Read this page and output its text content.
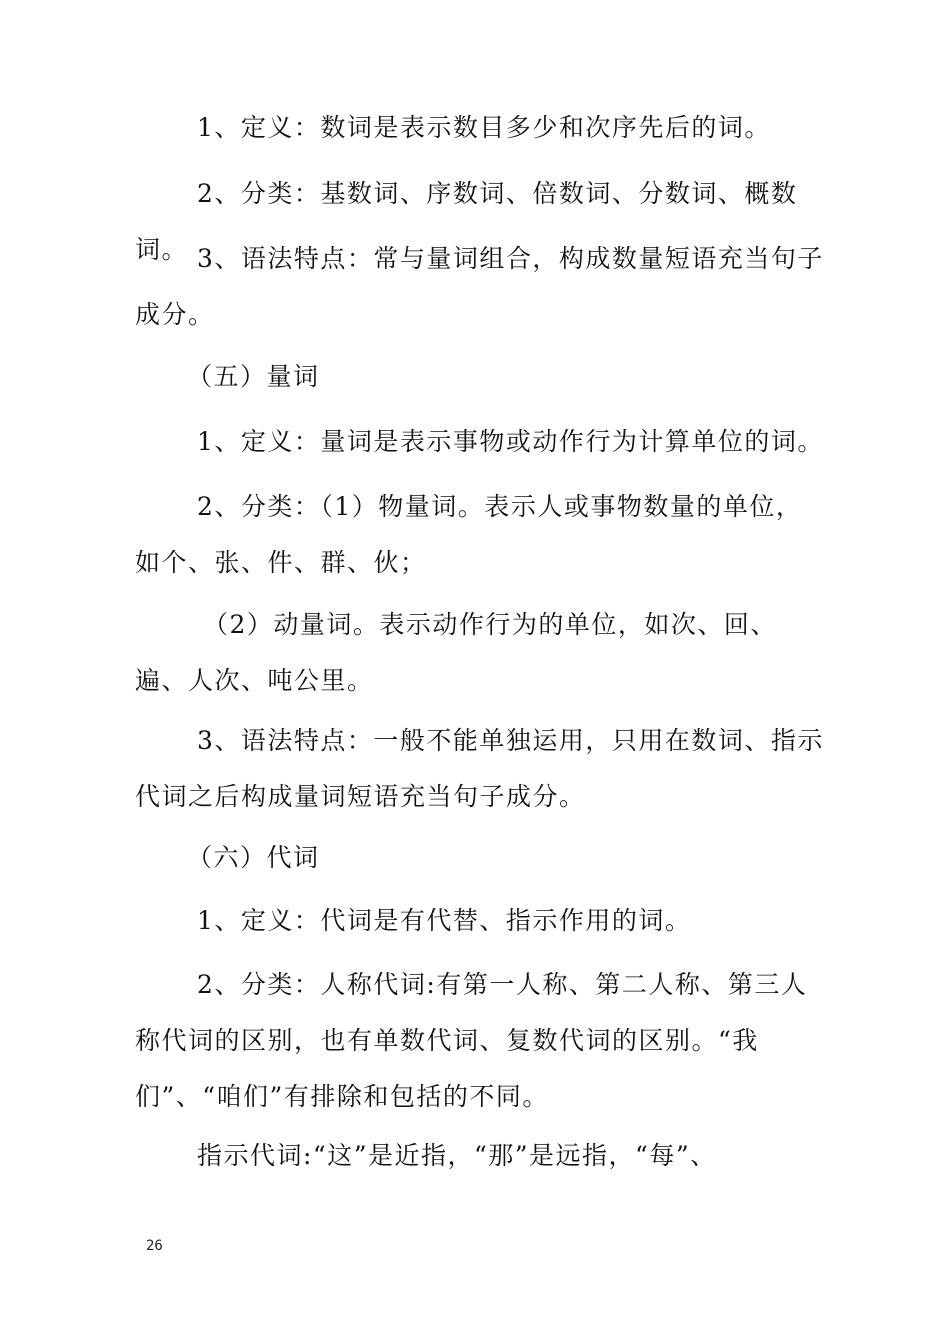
1、定义：数词是表示数目多少和次序先后的词。

2、分类：基数词、序数词、倍数词、分数词、概数词。 3、语法特点：常与量词组合，构成数量短语充当句子成分。

（五）量词

1、定义：量词是表示事物或动作行为计算单位的词。

2、分类：（1）物量词。表示人或事物数量的单位，如个、张、件、群、伙；

（2）动量词。表示动作行为的单位，如次、回、遍、人次、吨公里。

3、语法特点：一般不能单独运用，只用在数词、指示代词之后构成量词短语充当句子成分。

（六）代词

1、定义：代词是有代替、指示作用的词。

2、分类：人称代词:有第一人称、第二人称、第三人称代词的区别，也有单数代词、复数代词的区别。“我们”、“咱们”有排除和包括的不同。

指示代词:“这”是近指，“那”是远指，“每”、

26
